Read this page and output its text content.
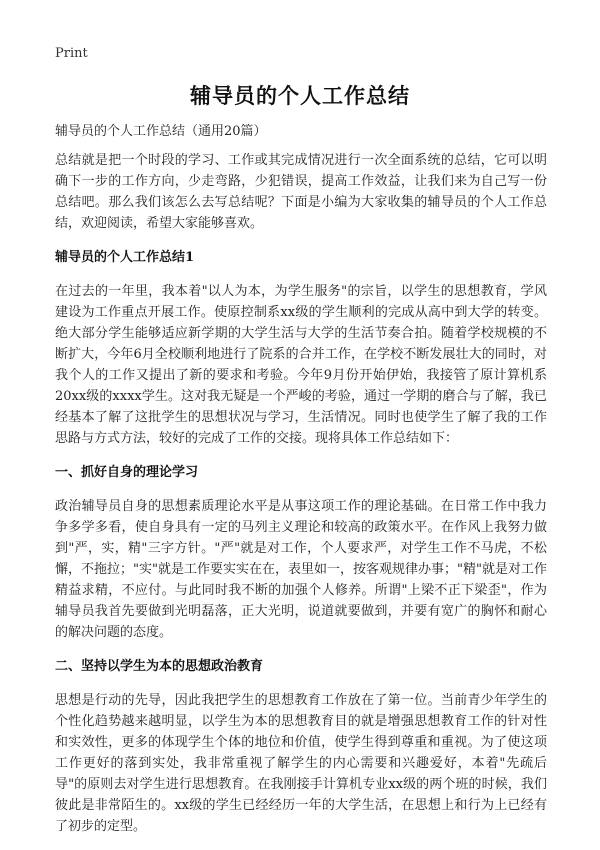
Print
辅导员的个人工作总结
辅导员的个人工作总结（通用20篇）

总结就是把一个时段的学习、工作或其完成情况进行一次全面系统的总结，它可以明确下一步的工作方向，少走弯路，少犯错误，提高工作效益，让我们来为自己写一份总结吧。那么我们该怎么去写总结呢？下面是小编为大家收集的辅导员的个人工作总结，欢迎阅读，希望大家能够喜欢。

辅导员的个人工作总结1

在过去的一年里，我本着"以人为本，为学生服务"的宗旨，以学生的思想教育，学风建设为工作重点开展工作。使原控制系xx级的学生顺利的完成从高中到大学的转变。绝大部分学生能够适应新学期的大学生活与大学的生活节奏合拍。随着学校规模的不断扩大，今年6月全校顺利地进行了院系的合并工作，在学校不断发展壮大的同时，对我个人的工作又提出了新的要求和考验。今年9月份开始伊始，我接管了原计算机系20xx级的xxxx学生。这对我无疑是一个严峻的考验，通过一学期的磨合与了解，我已经基本了解了这批学生的思想状况与学习，生活情况。同时也使学生了解了我的工作思路与方式方法，较好的完成了工作的交接。现将具体工作总结如下：

一、抓好自身的理论学习

政治辅导员自身的思想素质理论水平是从事这项工作的理论基础。在日常工作中我力争多学多看，使自身具有一定的马列主义理论和较高的政策水平。在作风上我努力做到"严，实，精"三字方针。"严"就是对工作，个人要求严，对学生工作不马虎，不松懈，不拖拉；"实"就是工作要实实在在，表里如一，按客观规律办事；"精"就是对工作精益求精，不应付。与此同时我不断的加强个人修养。所谓"上梁不正下梁歪"，作为辅导员我首先要做到光明磊落，正大光明，说道就要做到，并要有宽广的胸怀和耐心的解决问题的态度。

二、坚持以学生为本的思想政治教育

思想是行动的先导，因此我把学生的思想教育工作放在了第一位。当前青少年学生的个性化趋势越来越明显，以学生为本的思想教育目的就是增强思想教育工作的针对性和实效性，更多的体现学生个体的地位和价值，使学生得到尊重和重视。为了使这项工作更好的落到实处，我非常重视了解学生的内心需要和兴趣爱好，本着"先疏后导"的原则去对学生进行思想教育。在我刚接手计算机专业xx级的两个班的时候，我们彼此是非常陌生的。xx级的学生已经经历一年的大学生活，在思想上和行为上已经有了初步的定型。
